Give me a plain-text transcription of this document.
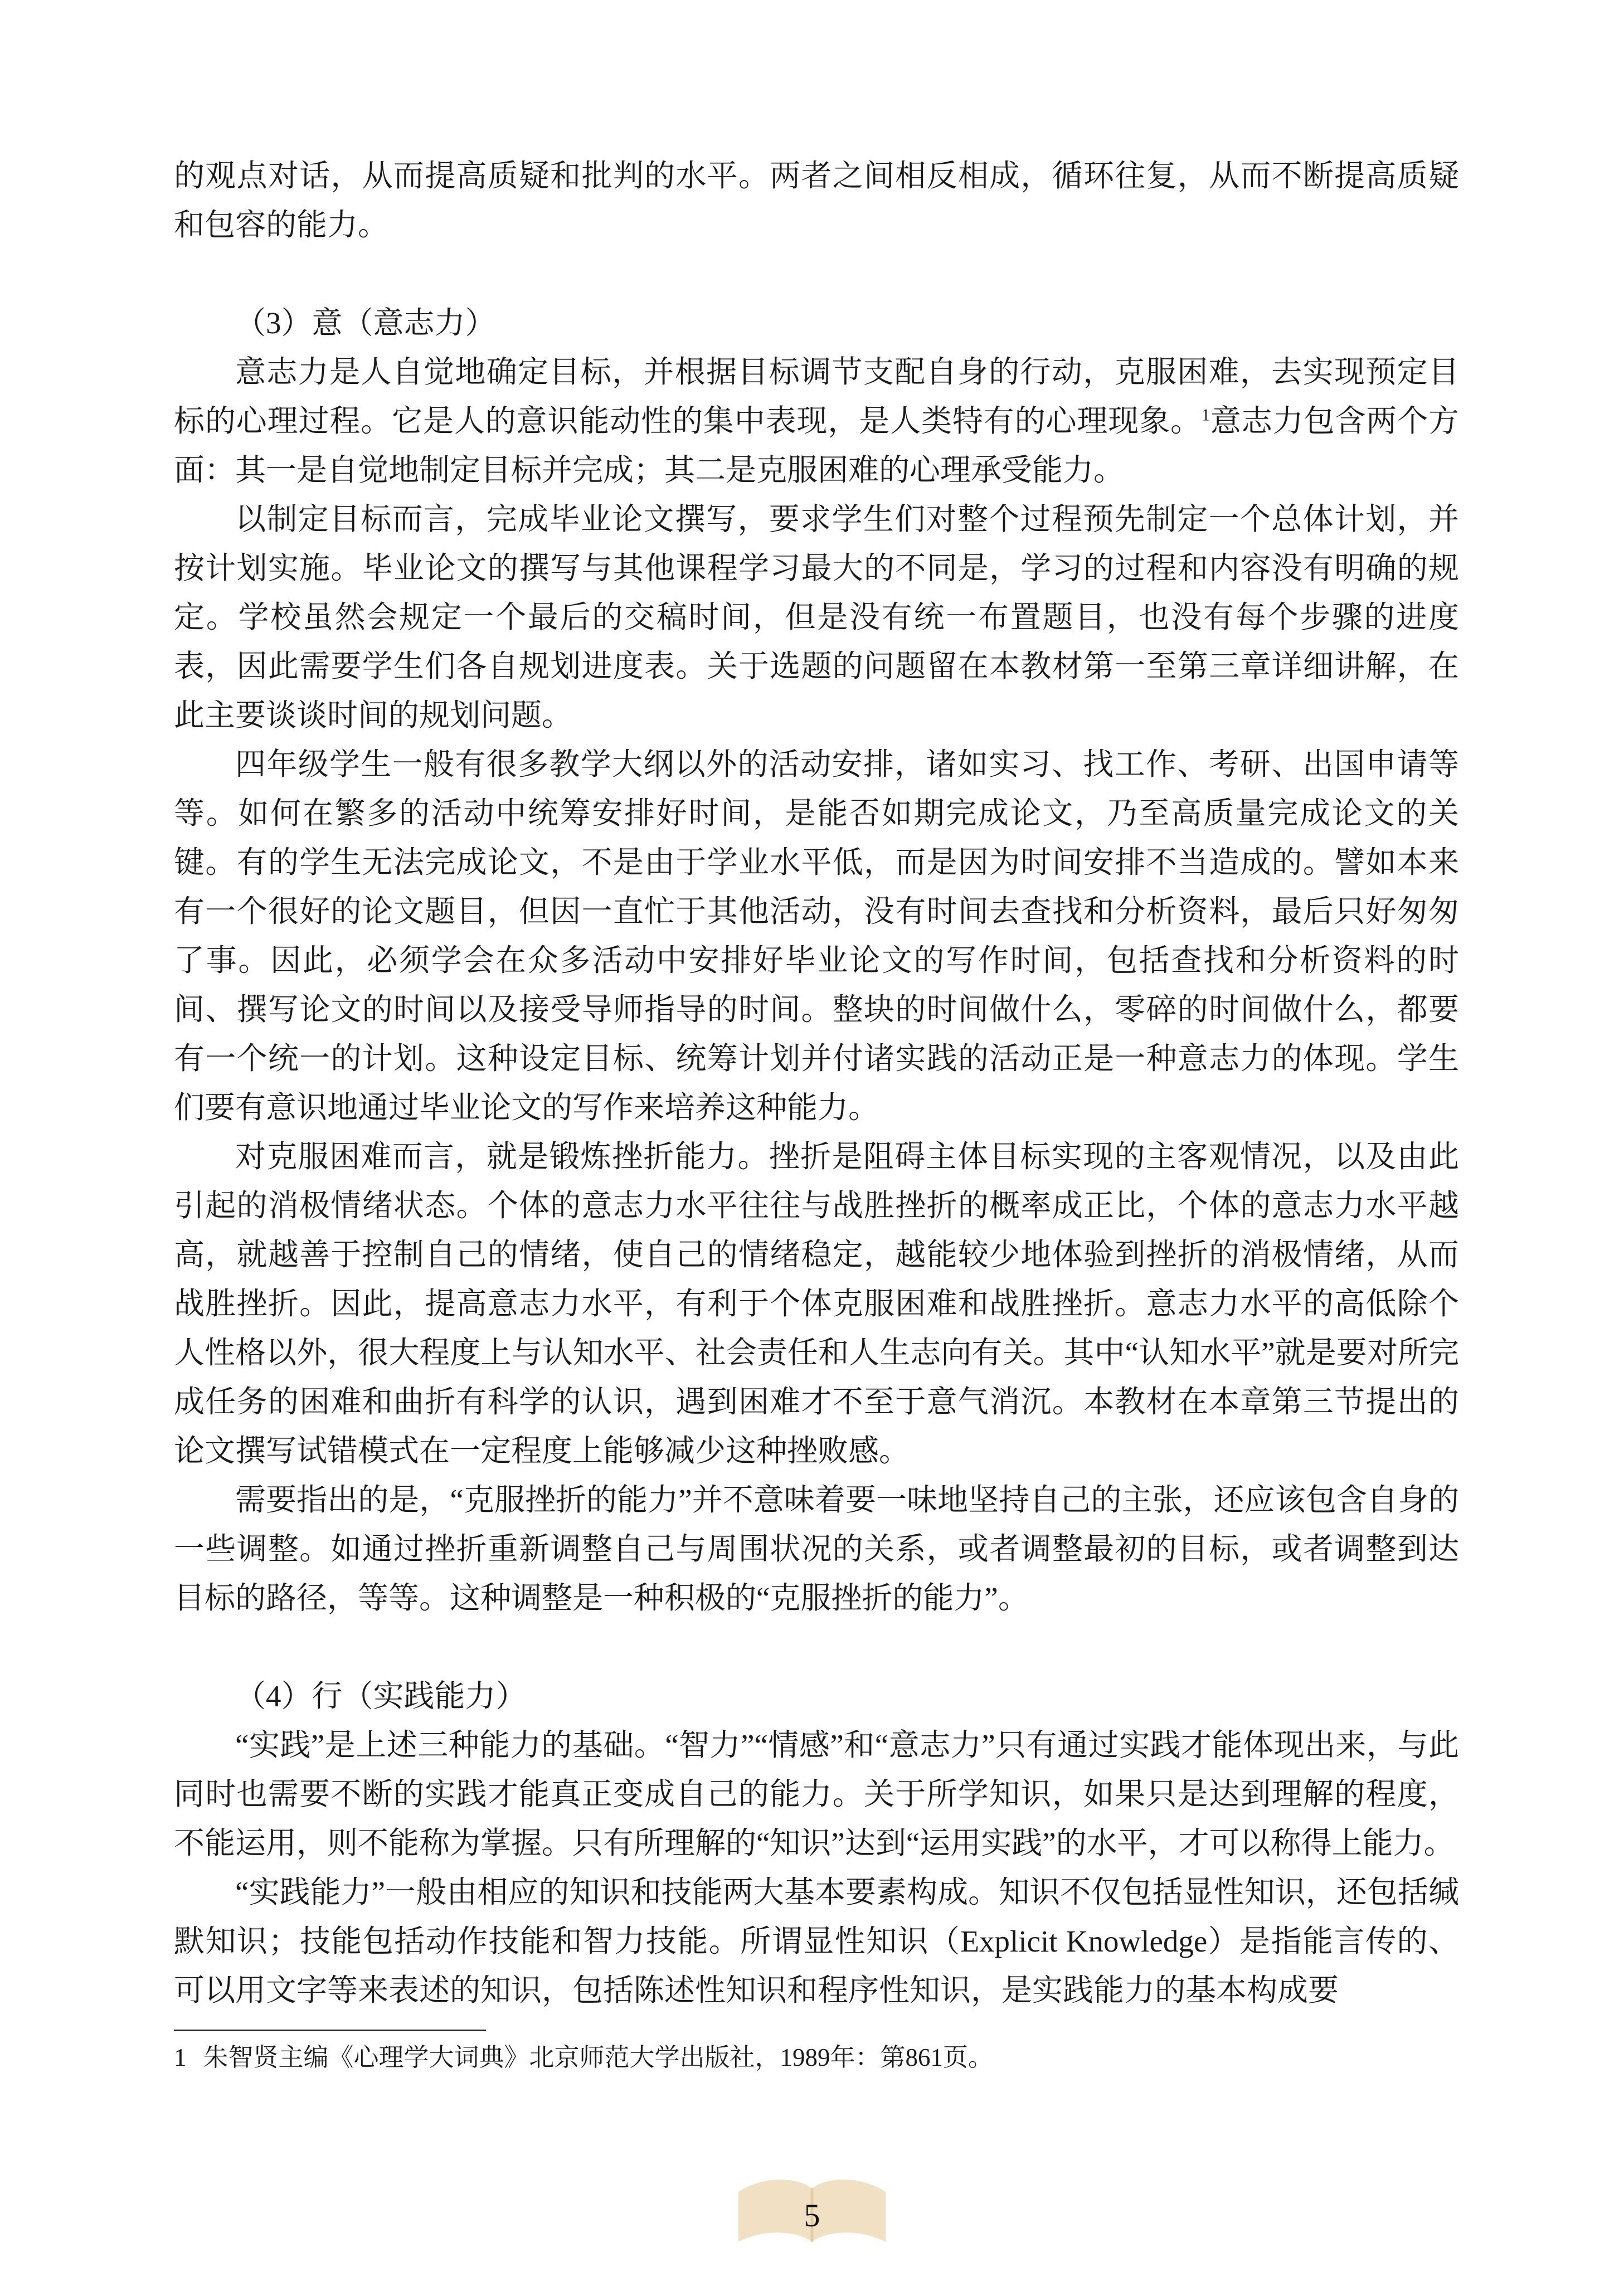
的观点对话，从而提高质疑和批判的水平。两者之间相反相成，循环往复，从而不断提高质疑和包容的能力。

（3）意（意志力）

意志力是人自觉地确定目标，并根据目标调节支配自身的行动，克服困难，去实现预定目标的心理过程。它是人的意识能动性的集中表现，是人类特有的心理现象。$^1$意志力包含两个方面：其一是自觉地制定目标并完成；其二是克服困难的心理承受能力。

以制定目标而言，完成毕业论文撰写，要求学生们对整个过程预先制定一个总体计划，并按计划实施。毕业论文的撰写与其他课程学习最大的不同是，学习的过程和内容没有明确的规定。学校虽然会规定一个最后的交稿时间，但是没有统一布置题目，也没有每个步骤的进度表，因此需要学生们各自规划进度表。关于选题的问题留在本教材第一至第三章详细讲解，在此主要谈谈时间的规划问题。

四年级学生一般有很多教学大纲以外的活动安排，诸如实习、找工作、考研、出国申请等等。如何在繁多的活动中统筹安排好时间，是能否如期完成论文，乃至高质量完成论文的关键。有的学生无法完成论文，不是由于学业水平低，而是因为时间安排不当造成的。譬如本来有一个很好的论文题目，但因一直忙于其他活动，没有时间去查找和分析资料，最后只好匆匆了事。因此，必须学会在众多活动中安排好毕业论文的写作时间，包括查找和分析资料的时间、撰写论文的时间以及接受导师指导的时间。整块的时间做什么，零碎的时间做什么，都要有一个统一的计划。这种设定目标、统筹计划并付诸实践的活动正是一种意志力的体现。学生们要有意识地通过毕业论文的写作来培养这种能力。

对克服困难而言，就是锻炼挫折能力。挫折是阻碍主体目标实现的主客观情况，以及由此引起的消极情绪状态。个体的意志力水平往往与战胜挫折的概率成正比，个体的意志力水平越高，就越善于控制自己的情绪，使自己的情绪稳定，越能较少地体验到挫折的消极情绪，从而战胜挫折。因此，提高意志力水平，有利于个体克服困难和战胜挫折。意志力水平的高低除个人性格以外，很大程度上与认知水平、社会责任和人生志向有关。其中“认知水平”就是要对所完成任务的困难和曲折有科学的认识，遇到困难才不至于意气消沉。本教材在本章第三节提出的论文撰写试错模式在一定程度上能够减少这种挫败感。

需要指出的是，“克服挫折的能力”并不意味着要一味地坚持自己的主张，还应该包含自身的一些调整。如通过挫折重新调整自己与周围状况的关系，或者调整最初的目标，或者调整到达目标的路径，等等。这种调整是一种积极的“克服挫折的能力”。

（4）行（实践能力）

“实践”是上述三种能力的基础。“智力”“情感”和“意志力”只有通过实践才能体现出来，与此同时也需要不断的实践才能真正变成自己的能力。关于所学知识，如果只是达到理解的程度，不能运用，则不能称为掌握。只有所理解的“知识”达到“运用实践”的水平，才可以称得上能力。

“实践能力”一般由相应的知识和技能两大基本要素构成。知识不仅包括显性知识，还包括缄默知识；技能包括动作技能和智力技能。所谓显性知识（Explicit Knowledge）是指能言传的、可以用文字等来表述的知识，包括陈述性知识和程序性知识，是实践能力的基本构成要

1 朱智贤主编《心理学大词典》北京师范大学出版社，1989年：第861页。

5
